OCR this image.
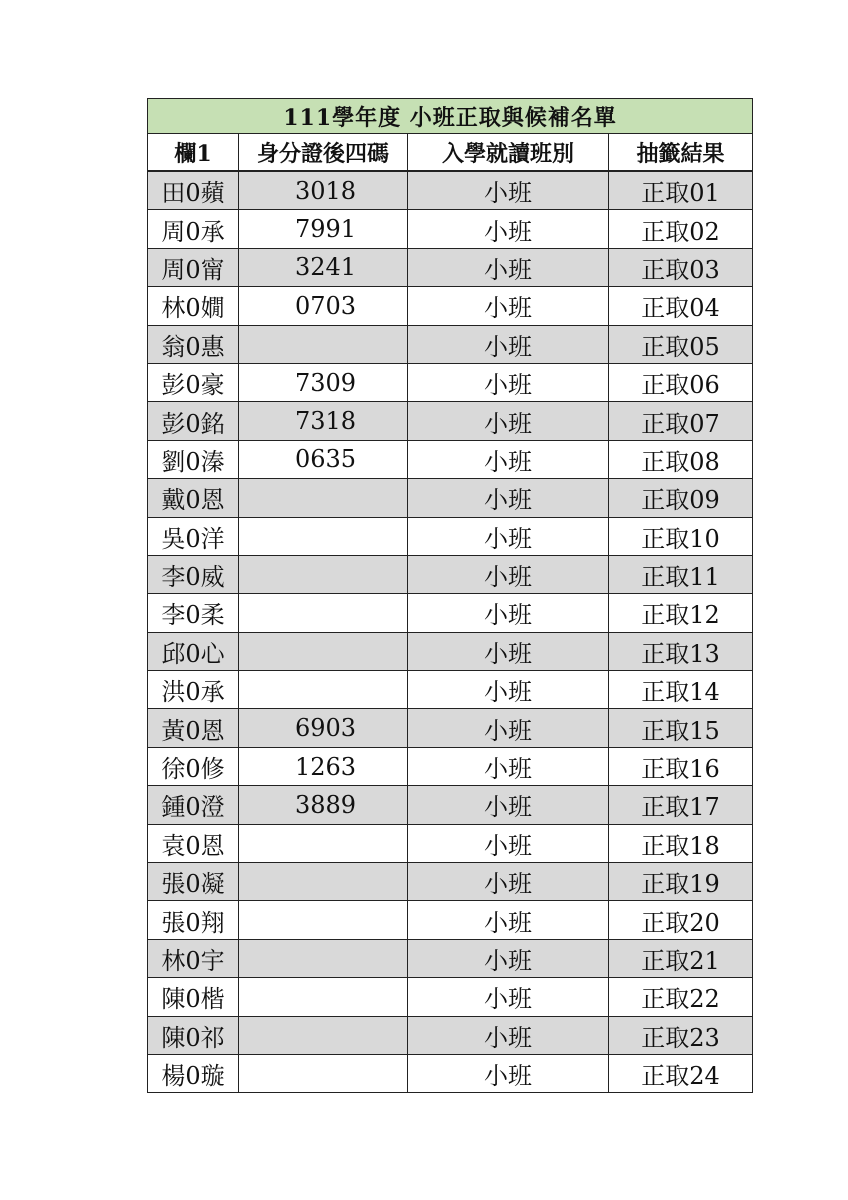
111學年度 小班正取與候補名單			
欄1	身分證後四碼	入學就讀班別	抽籤結果
田0蘋	3018	小班	正取01
周0承	7991	小班	正取02
周0甯	3241	小班	正取03
林0嫺	0703	小班	正取04
翁0惠		小班	正取05
彭0豪	7309	小班	正取06
彭0銘	7318	小班	正取07
劉0溱	0635	小班	正取08
戴0恩		小班	正取09
吳0洋		小班	正取10
李0威		小班	正取11
李0柔		小班	正取12
邱0心		小班	正取13
洪0承		小班	正取14
黃0恩	6903	小班	正取15
徐0修	1263	小班	正取16
鍾0澄	3889	小班	正取17
袁0恩		小班	正取18
張0凝		小班	正取19
張0翔		小班	正取20
林0宇		小班	正取21
陳0楷		小班	正取22
陳0祁		小班	正取23
楊0璇		小班	正取24
